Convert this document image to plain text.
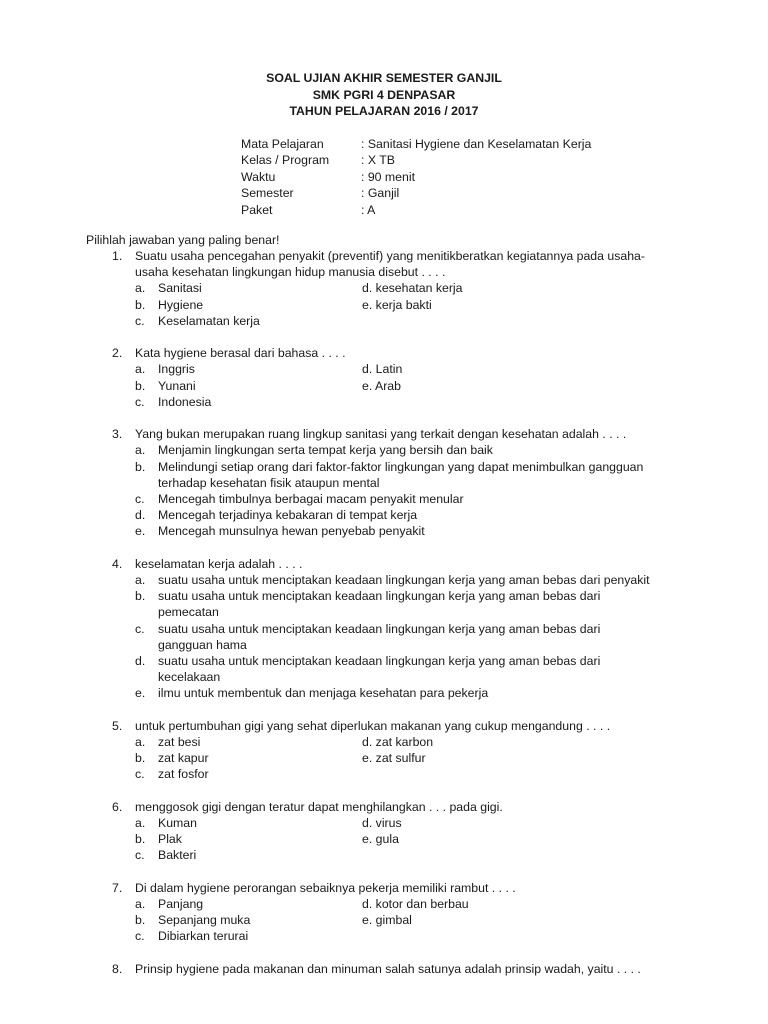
SOAL UJIAN AKHIR SEMESTER GANJIL
SMK PGRI 4 DENPASAR
TAHUN PELAJARAN 2016 / 2017
Mata Pelajaran	: Sanitasi Hygiene dan Keselamatan Kerja
Kelas / Program	: X TB
Waktu	: 90 menit
Semester	: Ganjil
Paket	: A
Pilihlah jawaban yang paling benar!
1.	Suatu usaha pencegahan penyakit (preventif) yang menitikberatkan kegiatannya pada usaha-usaha kesehatan lingkungan hidup manusia disebut . . . .
a. Sanitasi	d. kesehatan kerja
b. Hygiene	e. kerja bakti
c. Keselamatan kerja
2.	Kata hygiene berasal dari bahasa . . . .
a. Inggris	d. Latin
b. Yunani	e. Arab
c. Indonesia
3.	Yang bukan merupakan ruang lingkup sanitasi yang terkait dengan kesehatan adalah . . . .
a. Menjamin lingkungan serta tempat kerja yang bersih dan baik
b. Melindungi setiap orang dari faktor-faktor lingkungan yang dapat menimbulkan gangguan terhadap kesehatan fisik ataupun mental
c. Mencegah timbulnya berbagai macam penyakit menular
d. Mencegah terjadinya kebakaran di tempat kerja
e. Mencegah munsulnya hewan penyebab penyakit
4.	keselamatan kerja adalah . . . .
a. suatu usaha untuk menciptakan keadaan lingkungan kerja yang aman bebas dari penyakit
b. suatu usaha untuk menciptakan keadaan lingkungan kerja yang aman bebas dari pemecatan
c. suatu usaha untuk menciptakan keadaan lingkungan kerja yang aman bebas dari gangguan hama
d. suatu usaha untuk menciptakan keadaan lingkungan kerja yang aman bebas dari kecelakaan
e. ilmu untuk membentuk dan menjaga kesehatan para pekerja
5.	untuk pertumbuhan gigi yang sehat diperlukan makanan yang cukup mengandung . . . .
a. zat besi	d. zat karbon
b. zat kapur	e. zat sulfur
c. zat fosfor
6.	menggosok gigi dengan teratur dapat menghilangkan . . . pada gigi.
a. Kuman	d. virus
b. Plak	e. gula
c. Bakteri
7.	Di dalam hygiene perorangan sebaiknya pekerja memiliki rambut . . . .
a. Panjang	d. kotor dan berbau
b. Sepanjang muka	e. gimbal
c. Dibiarkan terurai
8.	Prinsip hygiene pada makanan dan minuman salah satunya adalah prinsip wadah, yaitu . . . .
